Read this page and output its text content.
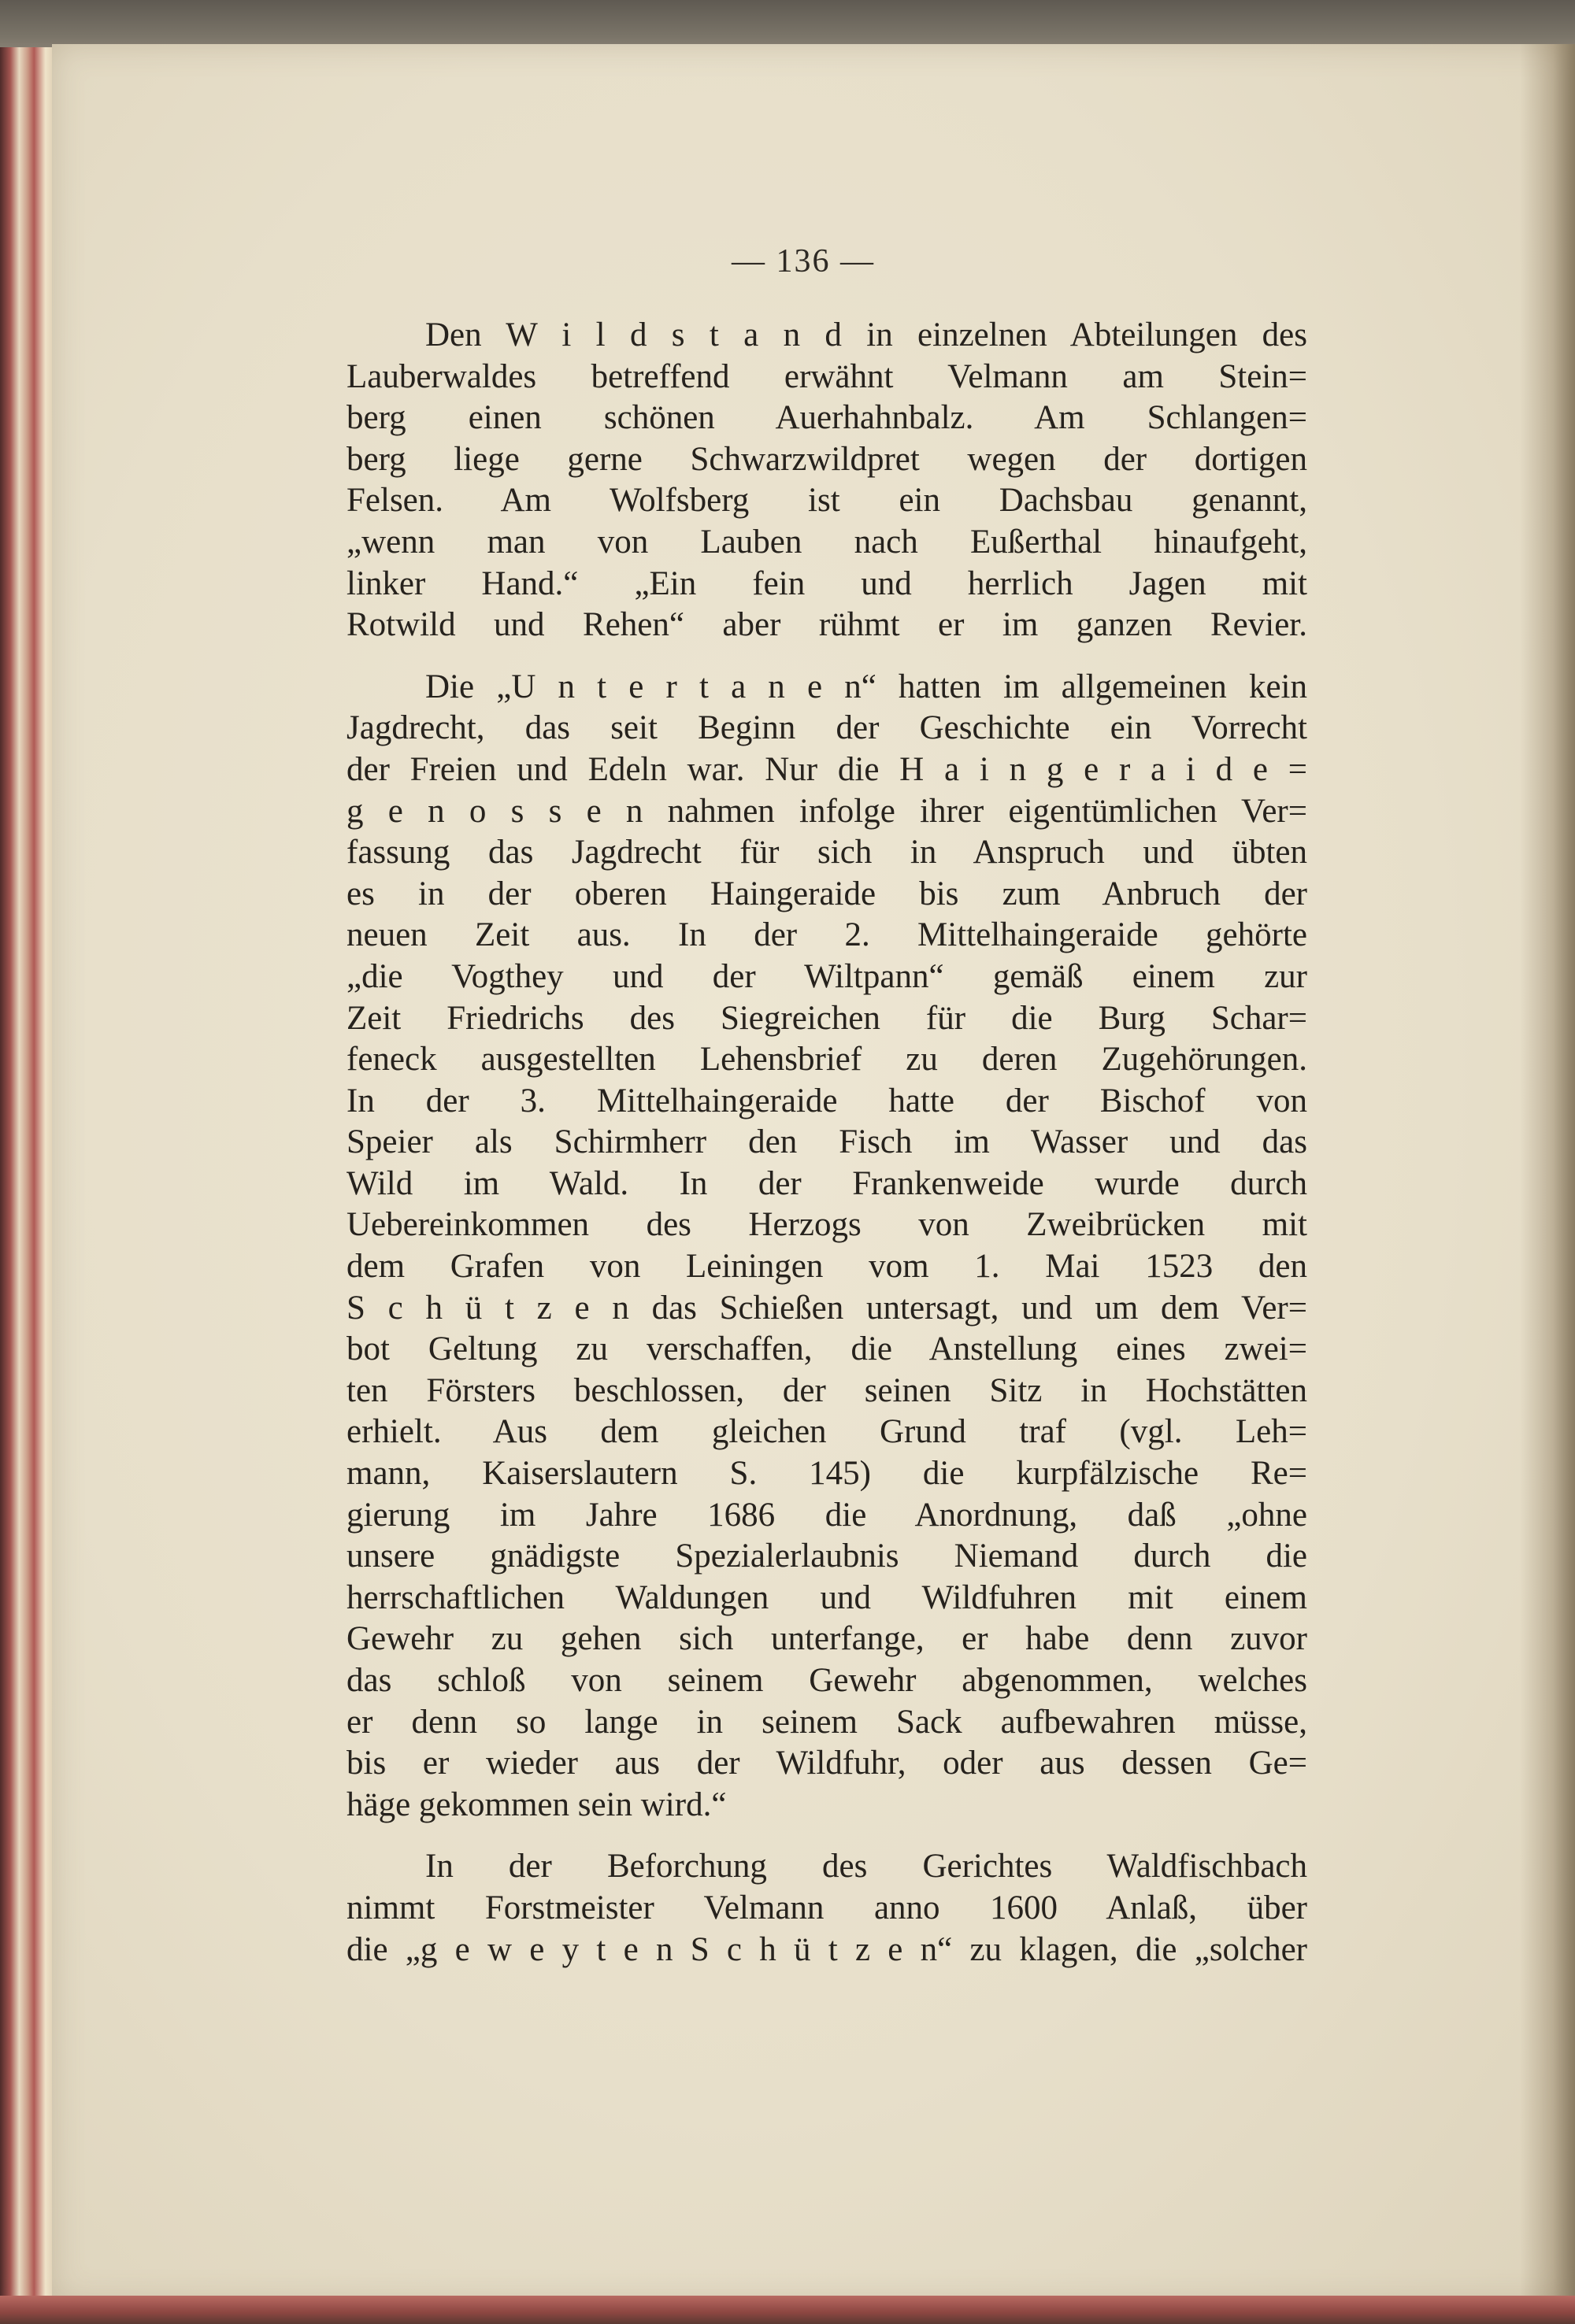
— 136 —
Den W i l d s t a n d in einzelnen Abteilungen des
Lauberwaldes betreffend erwähnt Velmann am Stein=
berg einen schönen Auerhahnbalz. Am Schlangen=
berg liege gerne Schwarzwildpret wegen der dortigen
Felsen. Am Wolfsberg ist ein Dachsbau genannt,
„wenn man von Lauben nach Eußerthal hinaufgeht,
linker Hand.“ „Ein fein und herrlich Jagen mit
Rotwild und Rehen“ aber rühmt er im ganzen Revier.
Die „U n t e r t a n e n“ hatten im allgemeinen kein
Jagdrecht, das seit Beginn der Geschichte ein Vorrecht
der Freien und Edeln war. Nur die H a i n g e r a i d e =
g e n o s s e n nahmen infolge ihrer eigentümlichen Ver=
fassung das Jagdrecht für sich in Anspruch und übten
es in der oberen Haingeraide bis zum Anbruch der
neuen Zeit aus. In der 2. Mittelhaingeraide gehörte
„die Vogthey und der Wiltpann“ gemäß einem zur
Zeit Friedrichs des Siegreichen für die Burg Schar=
feneck ausgestellten Lehensbrief zu deren Zugehörungen.
In der 3. Mittelhaingeraide hatte der Bischof von
Speier als Schirmherr den Fisch im Wasser und das
Wild im Wald. In der Frankenweide wurde durch
Uebereinkommen des Herzogs von Zweibrücken mit
dem Grafen von Leiningen vom 1. Mai 1523 den
S c h ü t z e n das Schießen untersagt, und um dem Ver=
bot Geltung zu verschaffen, die Anstellung eines zwei=
ten Försters beschlossen, der seinen Sitz in Hochstätten
erhielt. Aus dem gleichen Grund traf (vgl. Leh=
mann, Kaiserslautern S. 145) die kurpfälzische Re=
gierung im Jahre 1686 die Anordnung, daß „ohne
unsere gnädigste Spezialerlaubnis Niemand durch die
herrschaftlichen Waldungen und Wildfuhren mit einem
Gewehr zu gehen sich unterfange, er habe denn zuvor
das schloß von seinem Gewehr abgenommen, welches
er denn so lange in seinem Sack aufbewahren müsse,
bis er wieder aus der Wildfuhr, oder aus dessen Ge=
häge gekommen sein wird.“
In der Beforchung des Gerichtes Waldfischbach
nimmt Forstmeister Velmann anno 1600 Anlaß, über
die „g e w e y t e n S c h ü t z e n“ zu klagen, die „solcher
